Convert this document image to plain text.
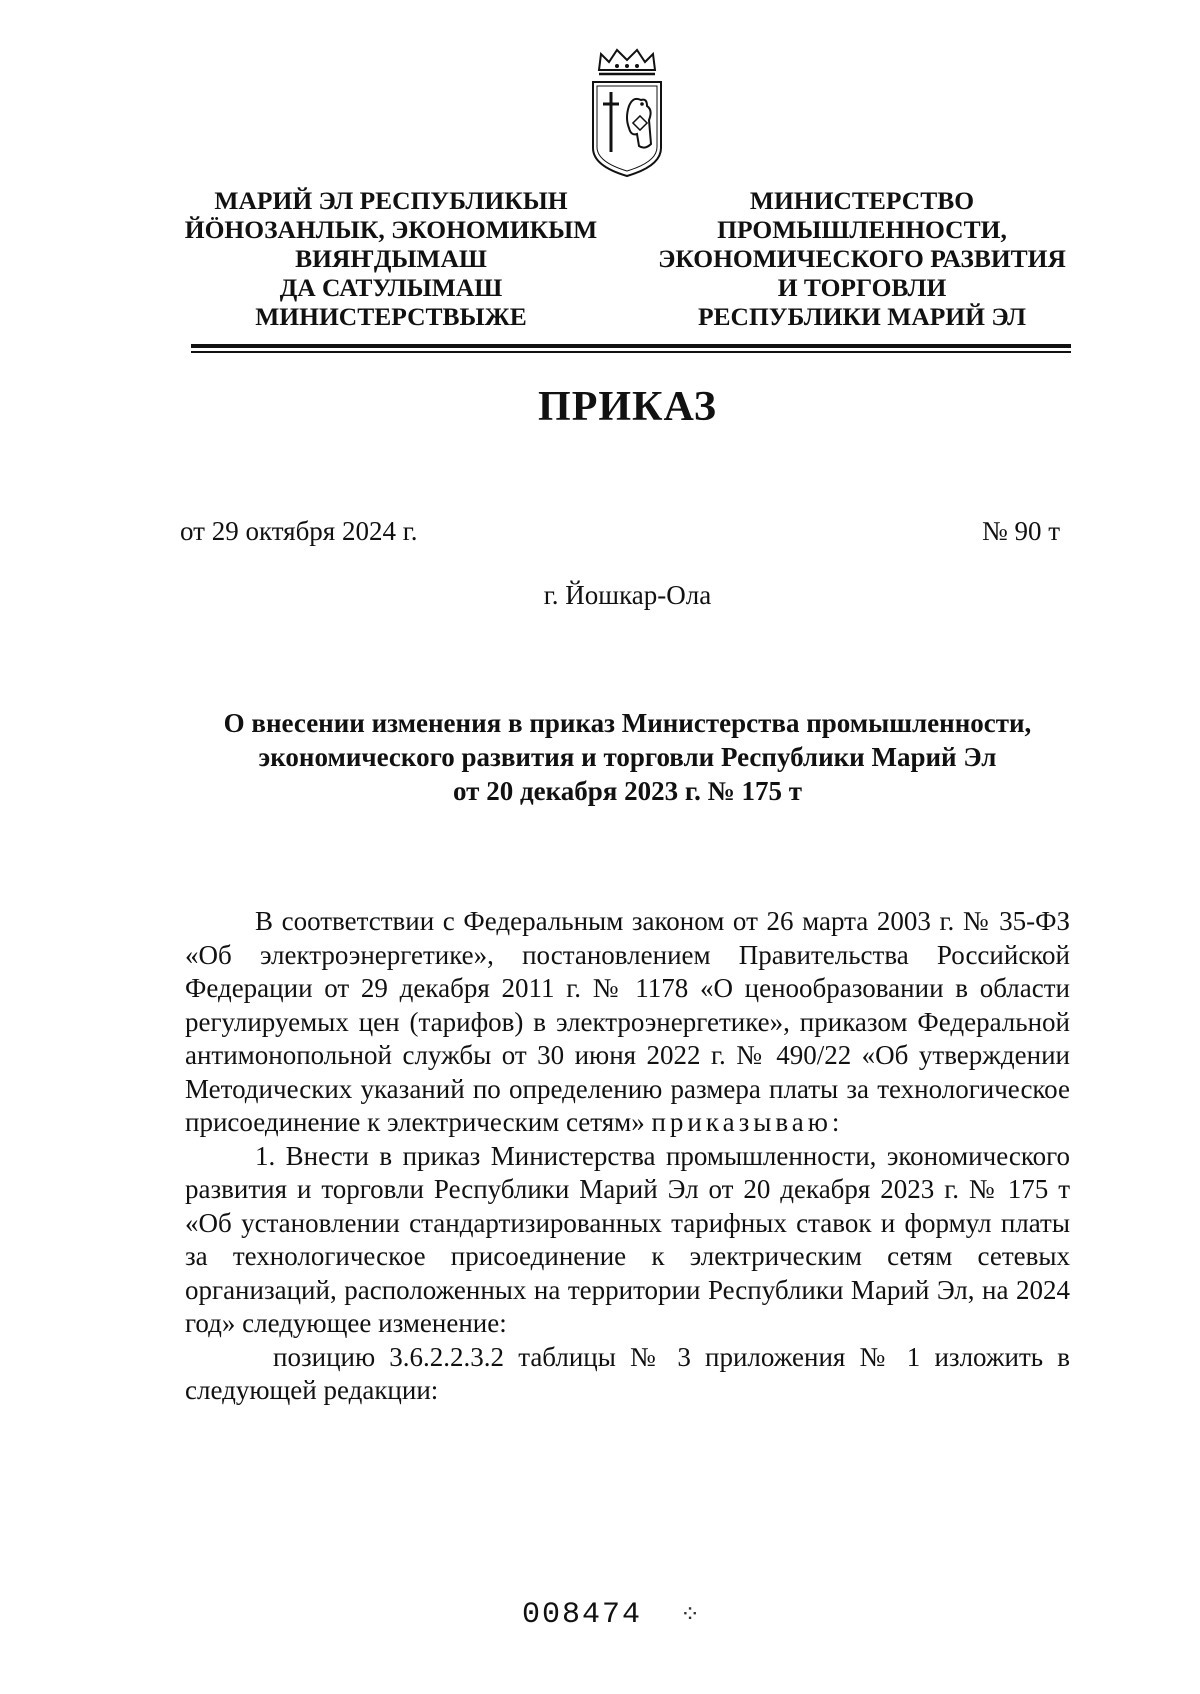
МАРИЙ ЭЛ РЕСПУБЛИКЫН
ЙӦНОЗАНЛЫК, ЭКОНОМИКЫМ
ВИЯҤДЫМАШ
ДА САТУЛЫМАШ
МИНИСТЕРСТВЫЖЕ
МИНИСТЕРСТВО
ПРОМЫШЛЕННОСТИ,
ЭКОНОМИЧЕСКОГО РАЗВИТИЯ
И ТОРГОВЛИ
РЕСПУБЛИКИ МАРИЙ ЭЛ
ПРИКАЗ
от 29 октября 2024 г.	№ 90 т
г. Йошкар-Ола
О внесении изменения в приказ Министерства промышленности,
экономического развития и торговли Республики Марий Эл
от 20 декабря 2023 г. № 175 т

В соответствии с Федеральным законом от 26 марта 2003 г. № 35-ФЗ «Об электроэнергетике», постановлением Правительства Российской Федерации от 29 декабря 2011 г. № 1178 «О ценообразовании в области регулируемых цен (тарифов) в электроэнергетике», приказом Федеральной антимонопольной службы от 30 июня 2022 г. № 490/22 «Об утверждении Методических указаний по определению размера платы за технологическое присоединение к электрическим сетям» приказываю:

1. Внести в приказ Министерства промышленности, экономического развития и торговли Республики Марий Эл от 20 декабря 2023 г. № 175 т «Об установлении стандартизированных тарифных ставок и формул платы за технологическое присоединение к электрическим сетям сетевых организаций, расположенных на территории Республики Марий Эл, на 2024 год» следующее изменение:

позицию 3.6.2.2.3.2 таблицы № 3 приложения № 1 изложить в следующей редакции:

008474 ⁘
